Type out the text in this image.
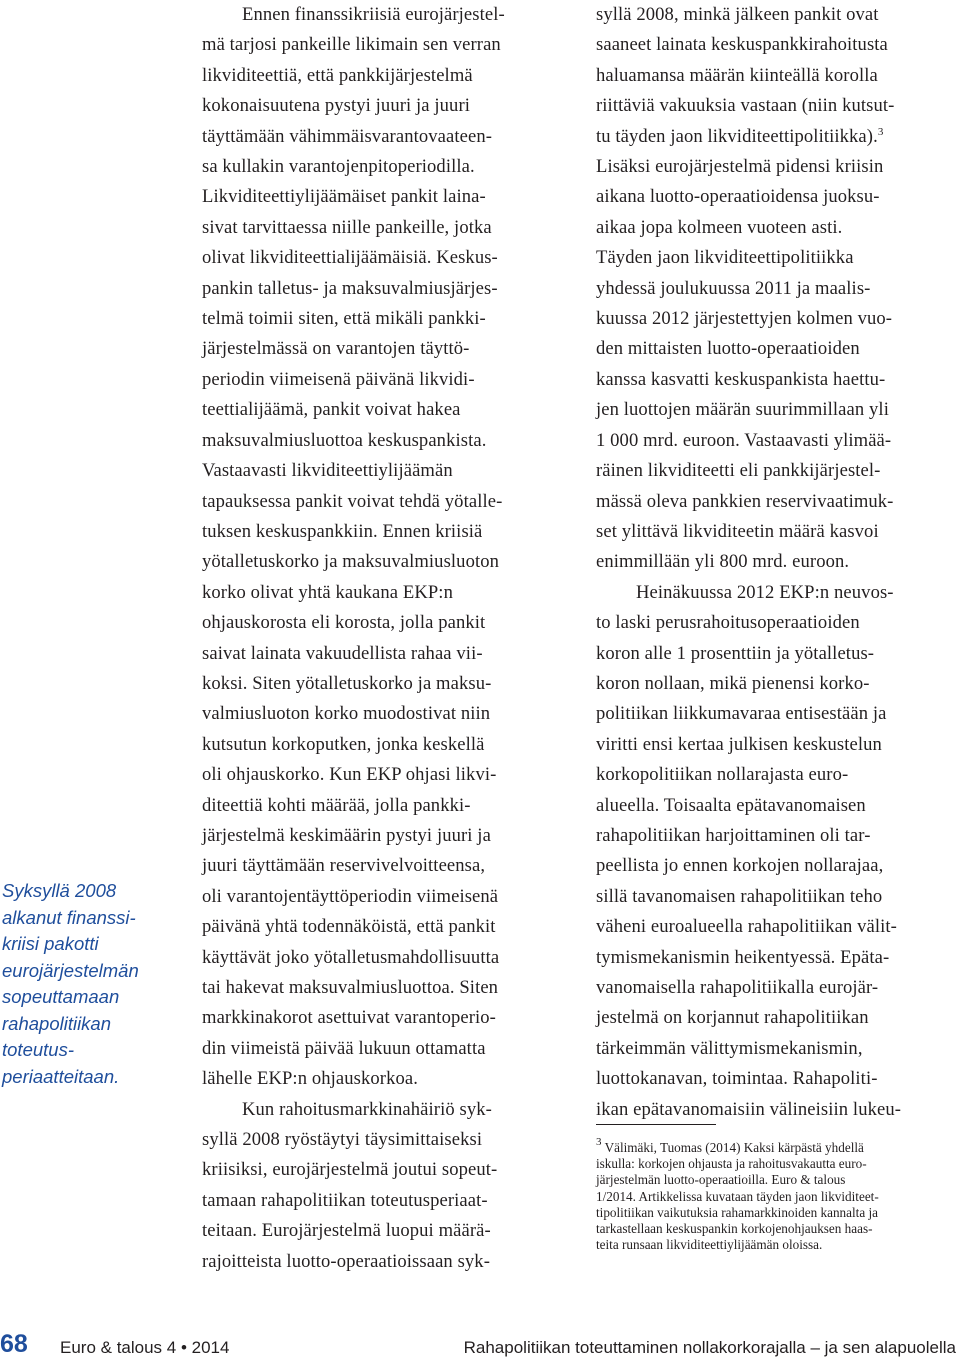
Syksyllä 2008
alkanut finanssi-
kriisi pakotti
eurojärjestelmän
sopeuttamaan
rahapolitiikan
toteutus-
periaatteitaan.
Ennen finanssikriisiä eurojärjestel-
mä tarjosi pankeille likimain sen verran
likviditeettiä, että pankkijärjestelmä
kokonaisuutena pystyi juuri ja juuri
täyttämään vähimmäisvarantovaateen-
sa kullakin varantojenpitoperiodilla.
Likviditeettiylijäämäiset pankit laina-
sivat tarvittaessa niille pankeille, jotka
olivat likviditeettialijäämäisiä. Keskus-
pankin talletus- ja maksuvalmiusjärjes-
telmä toimii siten, että mikäli pankki-
järjestelmässä on varantojen täyttö-
periodin viimeisenä päivänä likvidi-
teettialijäämä, pankit voivat hakea
maksuvalmiusluottoa keskuspankista.
Vastaavasti likviditeettiylijäämän
tapauksessa pankit voivat tehdä yötalle-
tuksen keskuspankkiin. Ennen kriisiä
yötalletuskorko ja maksuvalmiusluoton
korko olivat yhtä kaukana EKP:n
ohjauskorosta eli korosta, jolla pankit
saivat lainata vakuudellista rahaa vii-
koksi. Siten yötalletuskorko ja maksu-
valmiusluoton korko muodostivat niin
kutsutun korkoputken, jonka keskellä
oli ohjauskorko. Kun EKP ohjasi likvi-
diteettiä kohti määrää, jolla pankki-
järjestelmä keskimäärin pystyi juuri ja
juuri täyttämään reservivelvoitteensa,
oli varantojentäyttöperiodin viimeisenä
päivänä yhtä todennäköistä, että pankit
käyttävät joko yötalletusmahdollisuutta
tai hakevat maksuvalmiusluottoa. Siten
markkinakorot asettuivat varantoperio-
din viimeistä päivää lukuun ottamatta
lähelle EKP:n ohjauskorkoa.
Kun rahoitusmarkkinahäiriö syk-
syllä 2008 ryöstäytyi täysimittaiseksi
kriisiksi, eurojärjestelmä joutui sopeut-
tamaan rahapolitiikan toteutusperiaat-
teitaan. Eurojärjestelmä luopui määrä-
rajoitteista luotto-operaatioissaan syk-
syllä 2008, minkä jälkeen pankit ovat
saaneet lainata keskuspankkirahoitusta
haluamansa määrän kiinteällä korolla
riittäviä vakuuksia vastaan (niin kutsut-
tu täyden jaon likviditeettipolitiikka).$^3$
Lisäksi eurojärjestelmä pidensi kriisin
aikana luotto-operaatioidensa juoksu-
aikaa jopa kolmeen vuoteen asti.
Täyden jaon likviditeettipolitiikka
yhdessä joulukuussa 2011 ja maalis-
kuussa 2012 järjestettyjen kolmen vuo-
den mittaisten luotto-operaatioiden
kanssa kasvatti keskuspankista haettu-
jen luottojen määrän suurimmillaan yli
1 000 mrd. euroon. Vastaavasti ylimää-
räinen likviditeetti eli pankkijärjestel-
mässä oleva pankkien reservivaatimuk-
set ylittävä likviditeetin määrä kasvoi
enimmillään yli 800 mrd. euroon.
Heinäkuussa 2012 EKP:n neuvos-
to laski perusrahoitusoperaatioiden
koron alle 1 prosenttiin ja yötalletus-
koron nollaan, mikä pienensi korko-
politiikan liikkumavaraa entisestään ja
viritti ensi kertaa julkisen keskustelun
korkopolitiikan nollarajasta euro-
alueella. Toisaalta epätavanomaisen
rahapolitiikan harjoittaminen oli tar-
peellista jo ennen korkojen nollarajaa,
sillä tavanomaisen rahapolitiikan teho
väheni euroalueella rahapolitiikan välit-
tymismekanismin heikentyessä. Epäta-
vanomaisella rahapolitiikalla eurojär-
jestelmä on korjannut rahapolitiikan
tärkeimmän välittymismekanismin,
luottokanavan, toimintaa. Rahapoliti-
ikan epätavanomaisiin välineisiin lukeu-
$^3$ Välimäki, Tuomas (2014) Kaksi kärpästä yhdellä
iskulla: korkojen ohjausta ja rahoitusvakautta euro-
järjestelmän luotto-operaatioilla. Euro & talous
1/2014. Artikkelissa kuvataan täyden jaon likviditeet-
tipolitiikan vaikutuksia rahamarkkinoiden kannalta ja
tarkastellaan keskuspankin korkojenohjauksen haas-
teita runsaan likviditeettiylijäämän oloissa.
68 Euro & talous 4 • 2014	Rahapolitiikan toteuttaminen nollakorkorajalla – ja sen alapuolella
